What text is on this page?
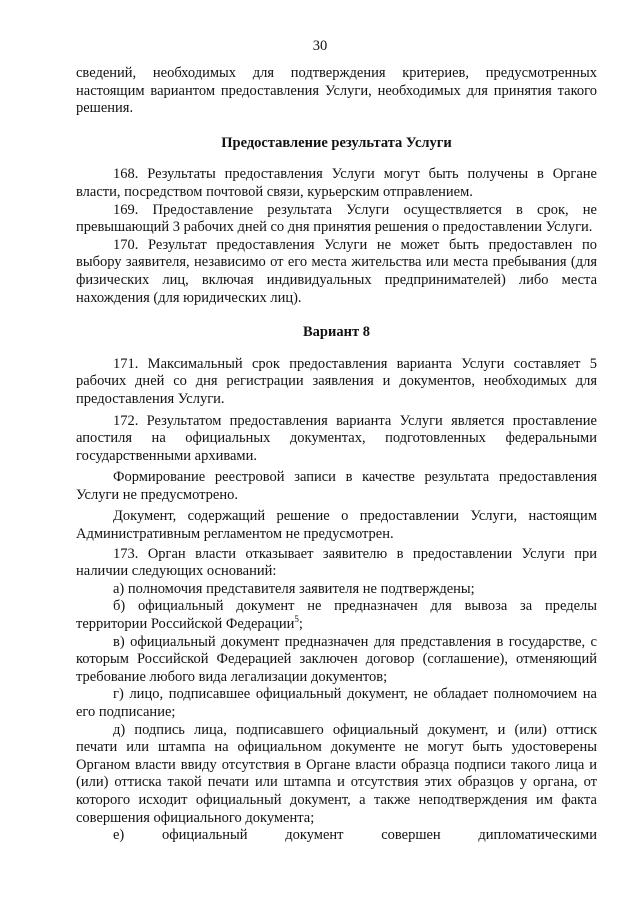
30

сведений, необходимых для подтверждения критериев, предусмотренных настоящим вариантом предоставления Услуги, необходимых для принятия такого решения.

Предоставление результата Услуги

168. Результаты предоставления Услуги могут быть получены в Органе власти, посредством почтовой связи, курьерским отправлением.

169. Предоставление результата Услуги осуществляется в срок, не превышающий 3 рабочих дней со дня принятия решения о предоставлении Услуги.

170. Результат предоставления Услуги не может быть предоставлен по выбору заявителя, независимо от его места жительства или места пребывания (для физических лиц, включая индивидуальных предпринимателей) либо места нахождения (для юридических лиц).

Вариант 8

171. Максимальный срок предоставления варианта Услуги составляет 5 рабочих дней со дня регистрации заявления и документов, необходимых для предоставления Услуги.

172. Результатом предоставления варианта Услуги является проставление апостиля на официальных документах, подготовленных федеральными государственными архивами.

Формирование реестровой записи в качестве результата предоставления Услуги не предусмотрено.

Документ, содержащий решение о предоставлении Услуги, настоящим Административным регламентом не предусмотрен.

173. Орган власти отказывает заявителю в предоставлении Услуги при наличии следующих оснований:

а) полномочия представителя заявителя не подтверждены;

б) официальный документ не предназначен для вывоза за пределы территории Российской Федерации$^5$;

в) официальный документ предназначен для представления в государстве, с которым Российской Федерацией заключен договор (соглашение), отменяющий требование любого вида легализации документов;

г) лицо, подписавшее официальный документ, не обладает полномочием на его подписание;

д) подпись лица, подписавшего официальный документ, и (или) оттиск печати или штампа на официальном документе не могут быть удостоверены Органом власти ввиду отсутствия в Органе власти образца подписи такого лица и (или) оттиска такой печати или штампа и отсутствия этих образцов у органа, от которого исходит официальный документ, а также неподтверждения им факта совершения официального документа;

е) официальный документ совершен дипломатическими
